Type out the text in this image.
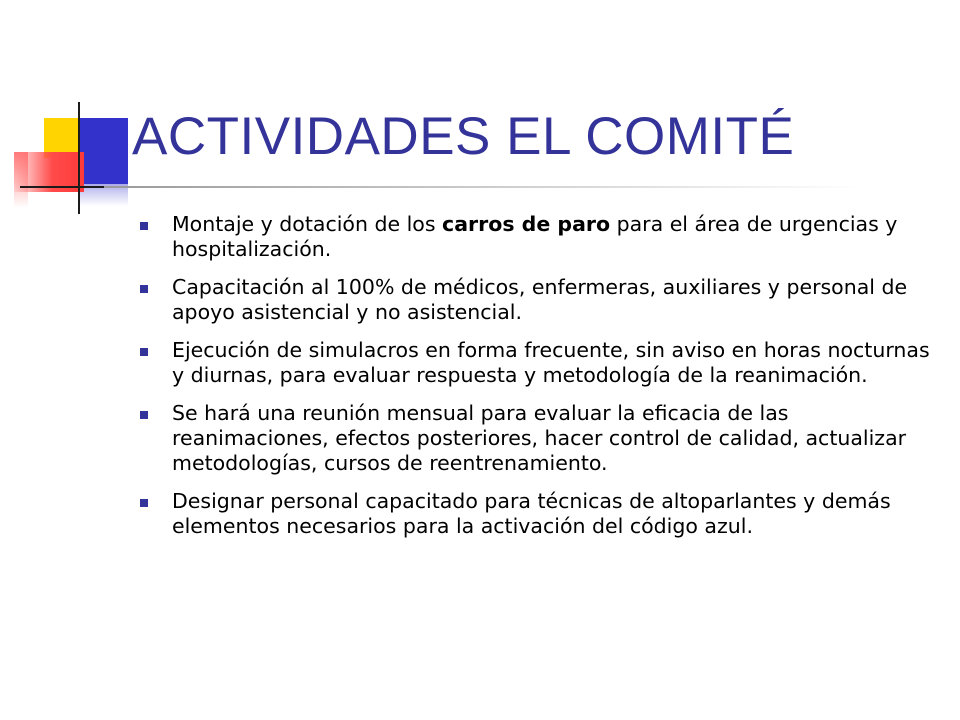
ACTIVIDADES EL COMITÉ
Montaje y dotación de los carros de paro para el área de urgencias y hospitalización.
Capacitación al 100% de médicos, enfermeras, auxiliares y personal de apoyo asistencial y no asistencial.
Ejecución de simulacros en forma frecuente, sin aviso en horas nocturnas y diurnas, para evaluar respuesta y metodología de la reanimación.
Se hará una reunión mensual para evaluar la eficacia de las reanimaciones, efectos posteriores, hacer control de calidad, actualizar metodologías, cursos de reentrenamiento.
Designar personal capacitado para técnicas de altoparlantes y demás elementos necesarios para la activación del código azul.
